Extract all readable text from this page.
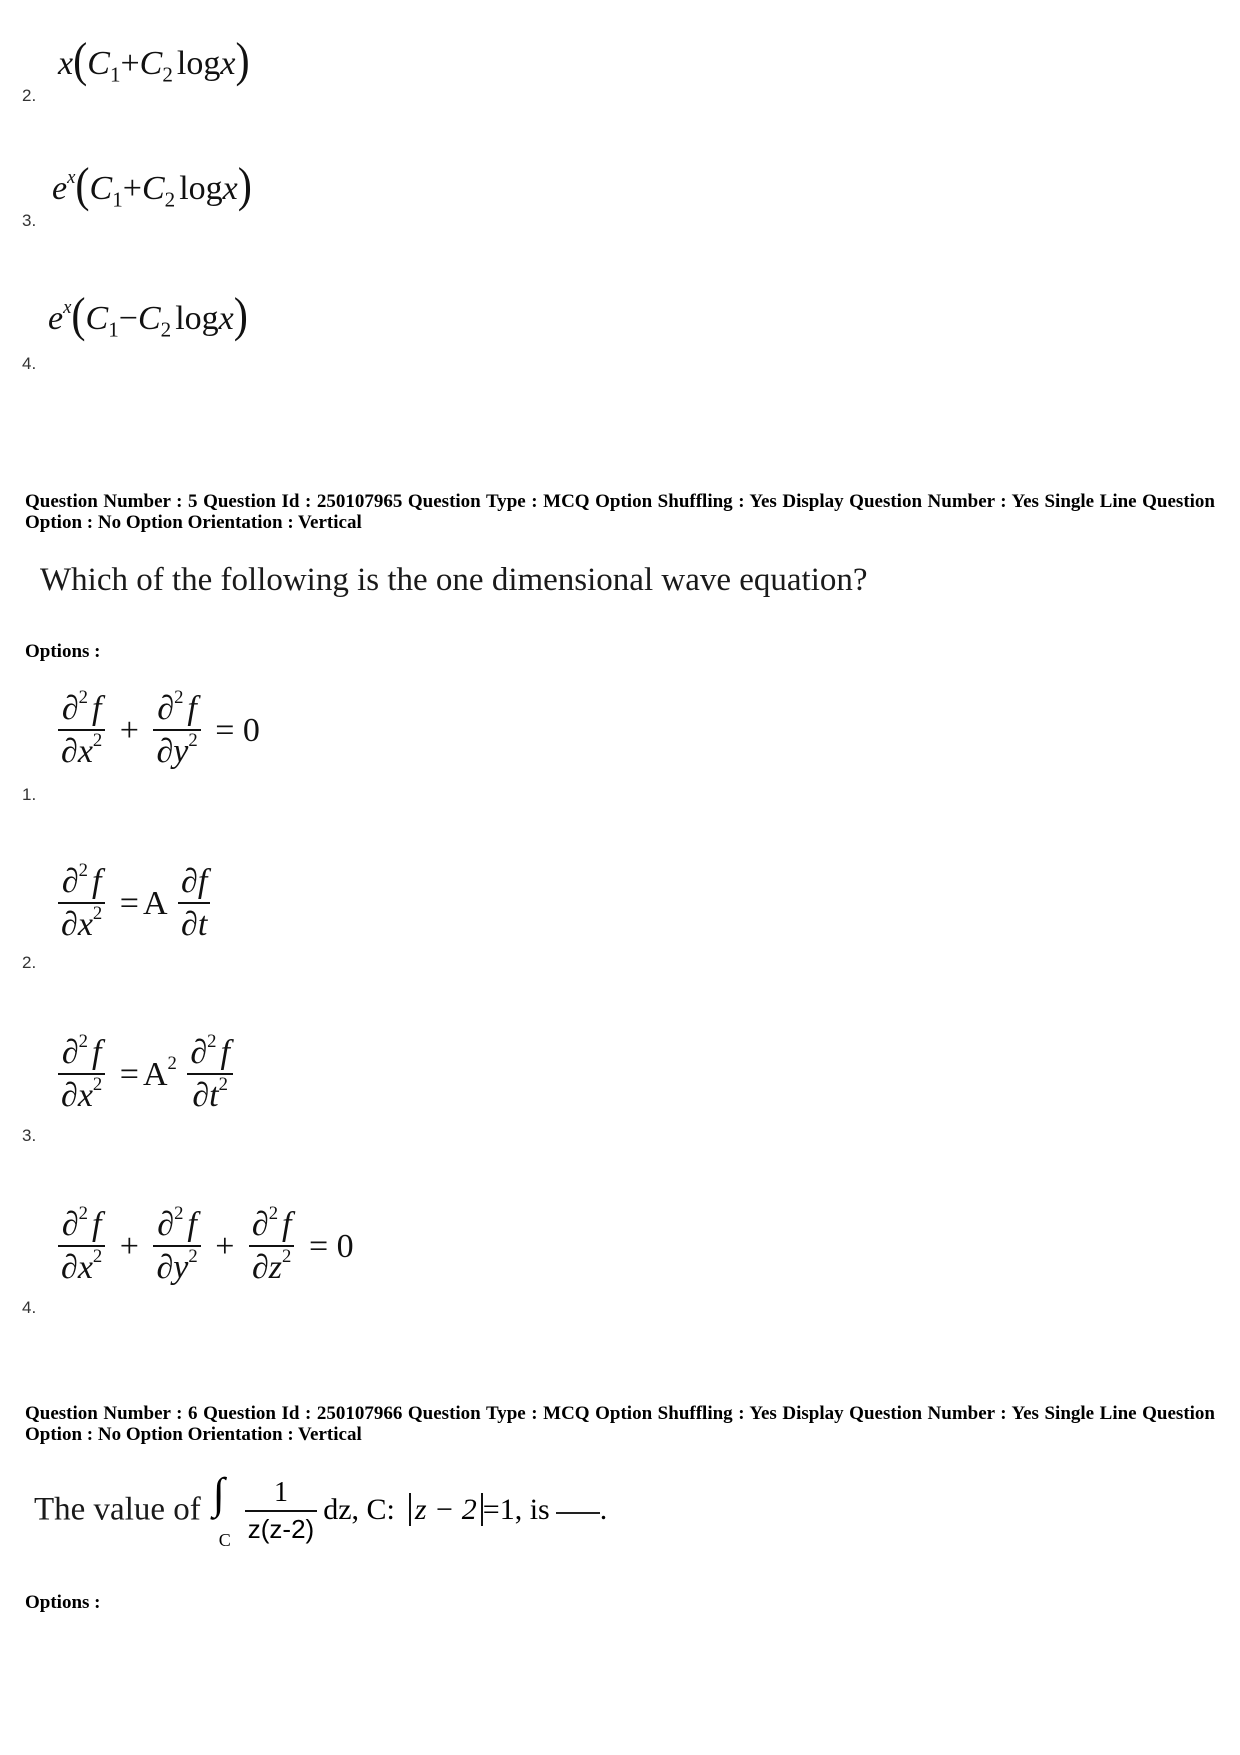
$x(C_1+C_2$ logx)
2.
$e^x(C_1+C_2$ logx)
3.
$e^x(C_1-C_2$ logx)
4.
Question Number : 5 Question Id : 250107965 Question Type : MCQ Option Shuffling : Yes Display Question Number : Yes Single Line Question Option : No Option Orientation : Vertical
Which of the following is the one dimensional wave equation?
Options :
$\frac{\partial^2 f}{\partial x^2} + \frac{\partial^2 f}{\partial y^2} = 0$
1.
$\frac{\partial^2 f}{\partial x^2} = A \frac{\partial f}{\partial t}$
2.
$\frac{\partial^2 f}{\partial x^2} = A^2 \frac{\partial^2 f}{\partial t^2}$
3.
$\frac{\partial^2 f}{\partial x^2} + \frac{\partial^2 f}{\partial y^2} + \frac{\partial^2 f}{\partial z^2} = 0$
4.
Question Number : 6 Question Id : 250107966 Question Type : MCQ Option Shuffling : Yes Display Question Number : Yes Single Line Question Option : No Option Orientation : Vertical
The value of ∫
C
$\frac{1}{z(z-2)}$ dz, C: z − 2 =1, is .
Options :
